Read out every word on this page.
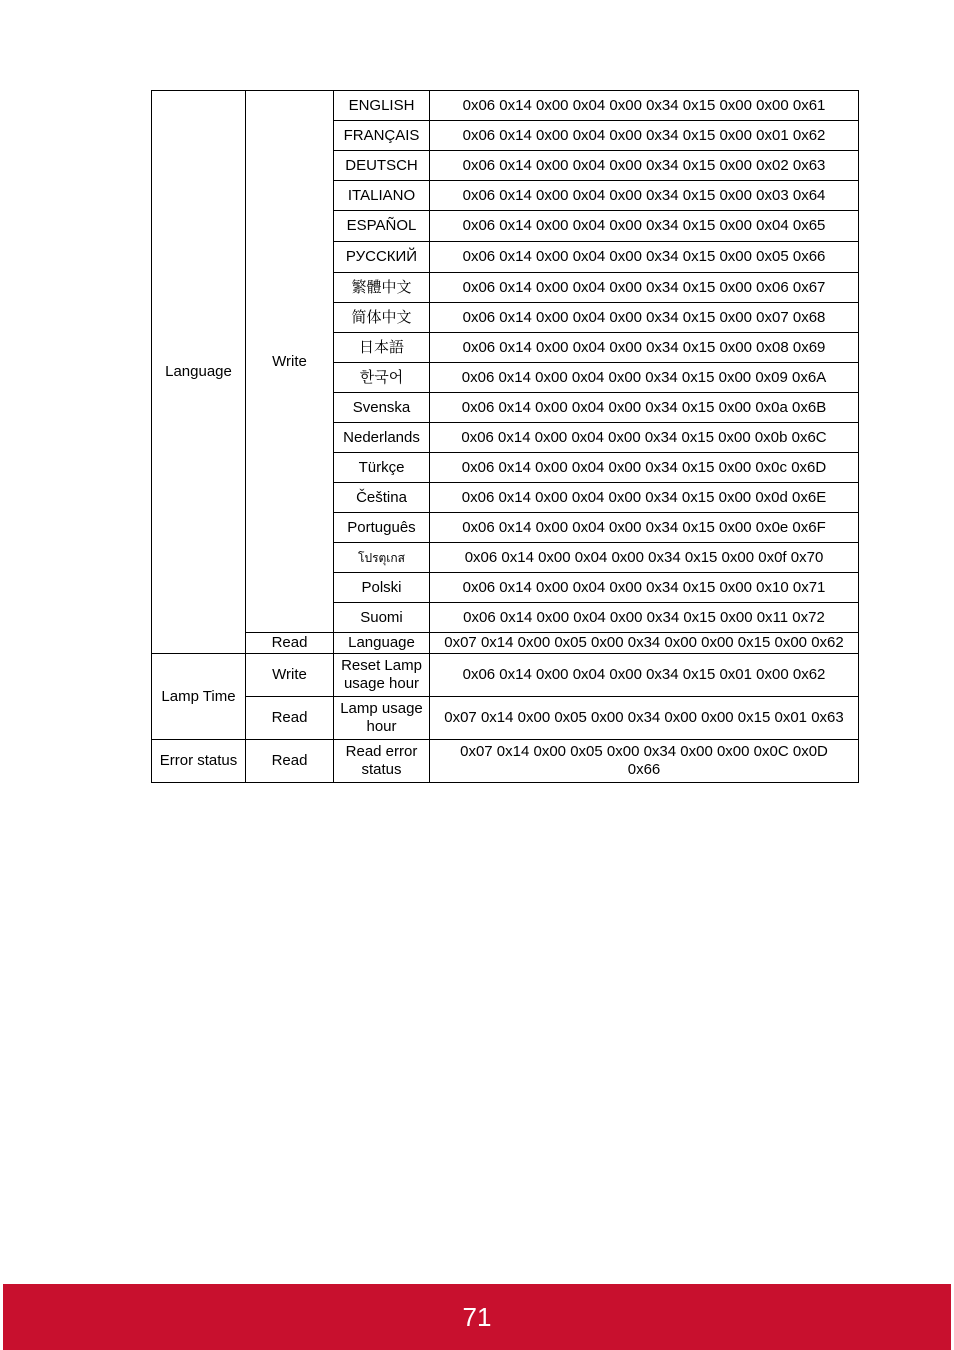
Language	Write	ENGLISH	0x06 0x14 0x00 0x04 0x00 0x34 0x15 0x00 0x00 0x61
		FRANÇAIS	0x06 0x14 0x00 0x04 0x00 0x34 0x15 0x00 0x01 0x62
		DEUTSCH	0x06 0x14 0x00 0x04 0x00 0x34 0x15 0x00 0x02 0x63
		ITALIANO	0x06 0x14 0x00 0x04 0x00 0x34 0x15 0x00 0x03 0x64
		ESPAÑOL	0x06 0x14 0x00 0x04 0x00 0x34 0x15 0x00 0x04 0x65
		РУССКИЙ	0x06 0x14 0x00 0x04 0x00 0x34 0x15 0x00 0x05 0x66
		繁體中文	0x06 0x14 0x00 0x04 0x00 0x34 0x15 0x00 0x06 0x67
		简体中文	0x06 0x14 0x00 0x04 0x00 0x34 0x15 0x00 0x07 0x68
		日本語	0x06 0x14 0x00 0x04 0x00 0x34 0x15 0x00 0x08 0x69
		한국어	0x06 0x14 0x00 0x04 0x00 0x34 0x15 0x00 0x09 0x6A
		Svenska	0x06 0x14 0x00 0x04 0x00 0x34 0x15 0x00 0x0a 0x6B
		Nederlands	0x06 0x14 0x00 0x04 0x00 0x34 0x15 0x00 0x0b 0x6C
		Türkçe	0x06 0x14 0x00 0x04 0x00 0x34 0x15 0x00 0x0c 0x6D
		Čeština	0x06 0x14 0x00 0x04 0x00 0x34 0x15 0x00 0x0d 0x6E
		Português	0x06 0x14 0x00 0x04 0x00 0x34 0x15 0x00 0x0e 0x6F
		โปรตุเกส	0x06 0x14 0x00 0x04 0x00 0x34 0x15 0x00 0x0f 0x70
		Polski	0x06 0x14 0x00 0x04 0x00 0x34 0x15 0x00 0x10 0x71
		Suomi	0x06 0x14 0x00 0x04 0x00 0x34 0x15 0x00 0x11 0x72
	Read	Language	0x07 0x14 0x00 0x05 0x00 0x34 0x00 0x00 0x15 0x00 0x62
Lamp Time	Write	Reset Lamp usage hour	0x06 0x14 0x00 0x04 0x00 0x34 0x15 0x01 0x00 0x62
	Read	Lamp usage hour	0x07 0x14 0x00 0x05 0x00 0x34 0x00 0x00 0x15 0x01 0x63
Error status	Read	Read error status	0x07 0x14 0x00 0x05 0x00 0x34 0x00 0x00 0x0C 0x0D 0x66
71
